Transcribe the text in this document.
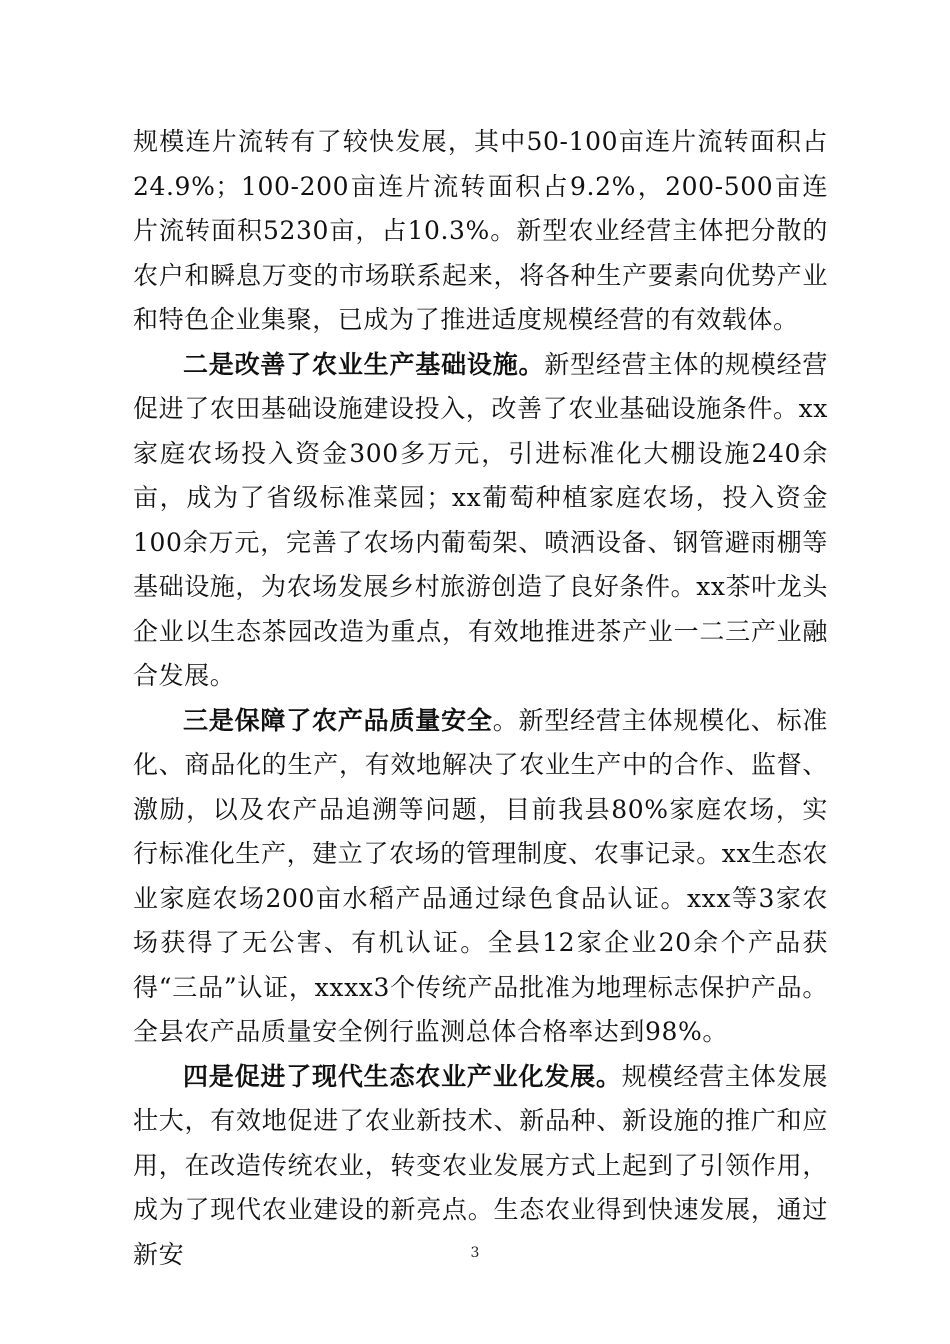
规模连片流转有了较快发展，其中50-100亩连片流转面积占24.9%；100-200亩连片流转面积占9.2%，200-500亩连片流转面积5230亩，占10.3%。新型农业经营主体把分散的农户和瞬息万变的市场联系起来，将各种生产要素向优势产业和特色企业集聚，已成为了推进适度规模经营的有效载体。

二是改善了农业生产基础设施。新型经营主体的规模经营促进了农田基础设施建设投入，改善了农业基础设施条件。xx家庭农场投入资金300多万元，引进标准化大棚设施240余亩，成为了省级标准菜园；xx葡萄种植家庭农场，投入资金100余万元，完善了农场内葡萄架、喷洒设备、钢管避雨棚等基础设施，为农场发展乡村旅游创造了良好条件。xx茶叶龙头企业以生态茶园改造为重点，有效地推进茶产业一二三产业融合发展。

三是保障了农产品质量安全。新型经营主体规模化、标准化、商品化的生产，有效地解决了农业生产中的合作、监督、激励，以及农产品追溯等问题，目前我县80%家庭农场，实行标准化生产，建立了农场的管理制度、农事记录。xx生态农业家庭农场200亩水稻产品通过绿色食品认证。xxx等3家农场获得了无公害、有机认证。全县12家企业20余个产品获得“三品”认证，xxxx3个传统产品批准为地理标志保护产品。全县农产品质量安全例行监测总体合格率达到98%。

四是促进了现代生态农业产业化发展。规模经营主体发展壮大，有效地促进了农业新技术、新品种、新设施的推广和应用，在改造传统农业，转变农业发展方式上起到了引领作用，成为了现代农业建设的新亮点。生态农业得到快速发展，通过新安	3
